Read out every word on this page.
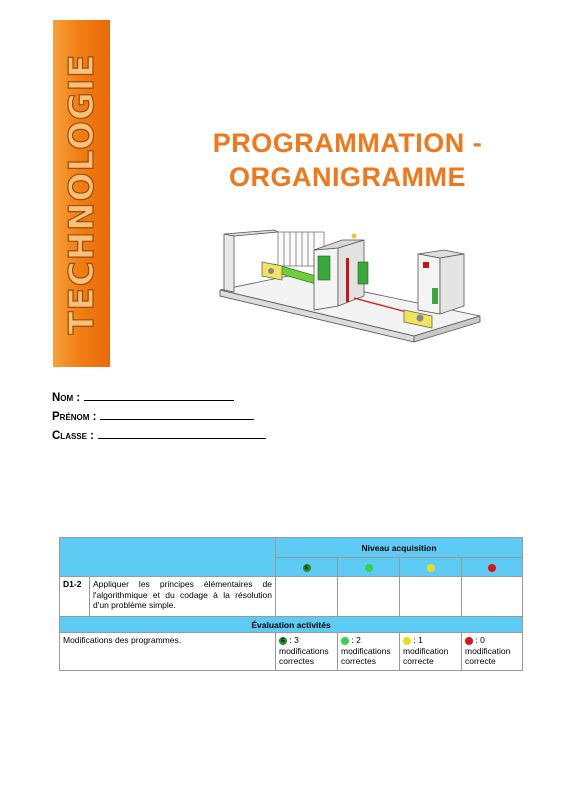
TECHNOLOGIE	PROGRAMMATION -
ORGANIGRAMME
Nom :
Prénom :
Classe :
		Niveau acquisition			
		E			
D1-2	Appliquer les principes élémentaires de l'algorithmique et du codage à la résolution d'un problème simple.				
Évaluation activités					
Modifications des programmes.		E : 3 modifications correctes	: 2 modifications correctes	: 1 modification correcte	: 0 modification correcte
